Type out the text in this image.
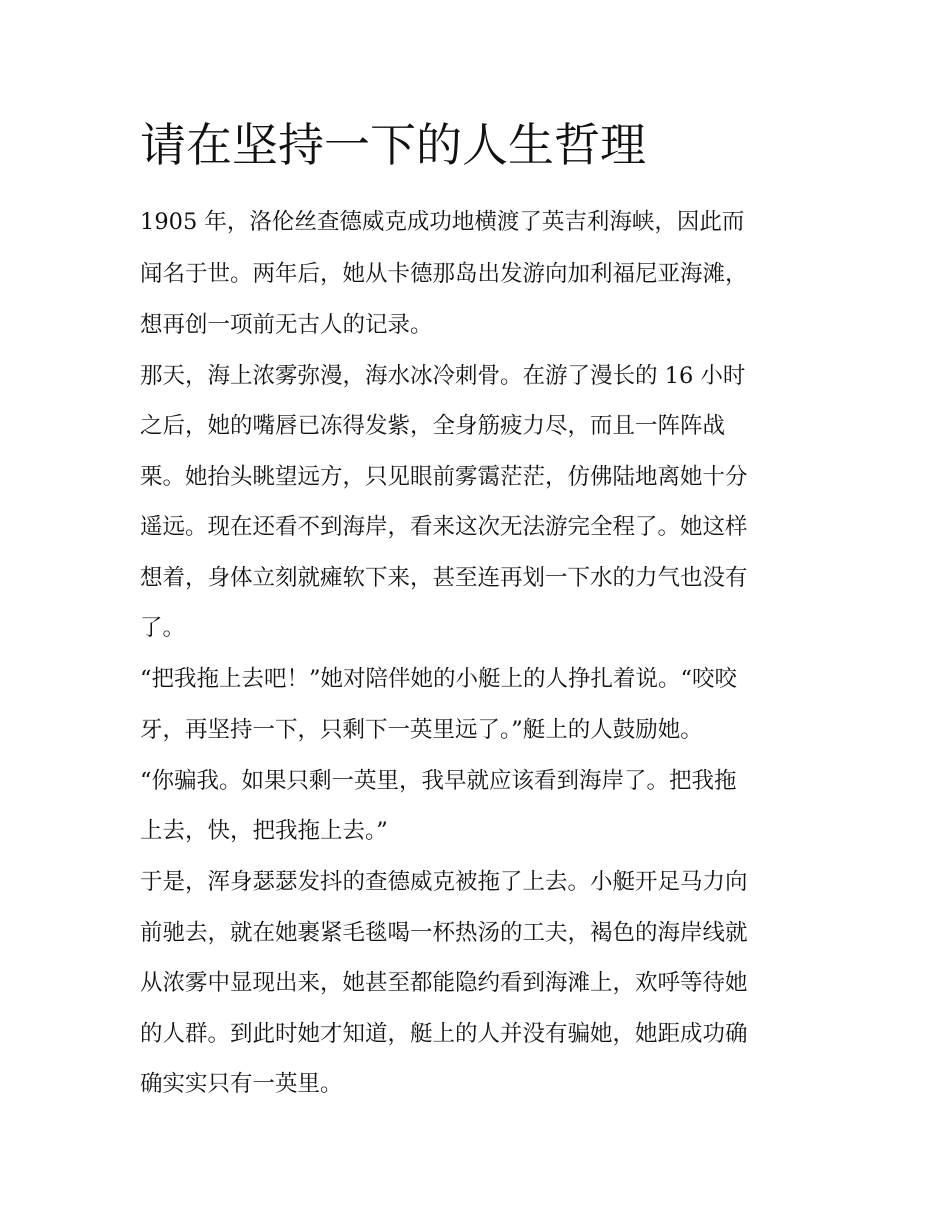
请在坚持一下的人生哲理

1905 年，洛伦丝查德威克成功地横渡了英吉利海峡，因此而

闻名于世。两年后，她从卡德那岛出发游向加利福尼亚海滩，

想再创一项前无古人的记录。

那天，海上浓雾弥漫，海水冰冷刺骨。在游了漫长的 16 小时

之后，她的嘴唇已冻得发紫，全身筋疲力尽，而且一阵阵战

栗。她抬头眺望远方，只见眼前雾霭茫茫，仿佛陆地离她十分

遥远。现在还看不到海岸，看来这次无法游完全程了。她这样

想着，身体立刻就瘫软下来，甚至连再划一下水的力气也没有

了。

“把我拖上去吧！”她对陪伴她的小艇上的人挣扎着说。“咬咬

牙，再坚持一下，只剩下一英里远了。”艇上的人鼓励她。

“你骗我。如果只剩一英里，我早就应该看到海岸了。把我拖

上去，快，把我拖上去。”

于是，浑身瑟瑟发抖的查德威克被拖了上去。小艇开足马力向

前驰去，就在她裹紧毛毯喝一杯热汤的工夫，褐色的海岸线就

从浓雾中显现出来，她甚至都能隐约看到海滩上，欢呼等待她

的人群。到此时她才知道，艇上的人并没有骗她，她距成功确

确实实只有一英里。
